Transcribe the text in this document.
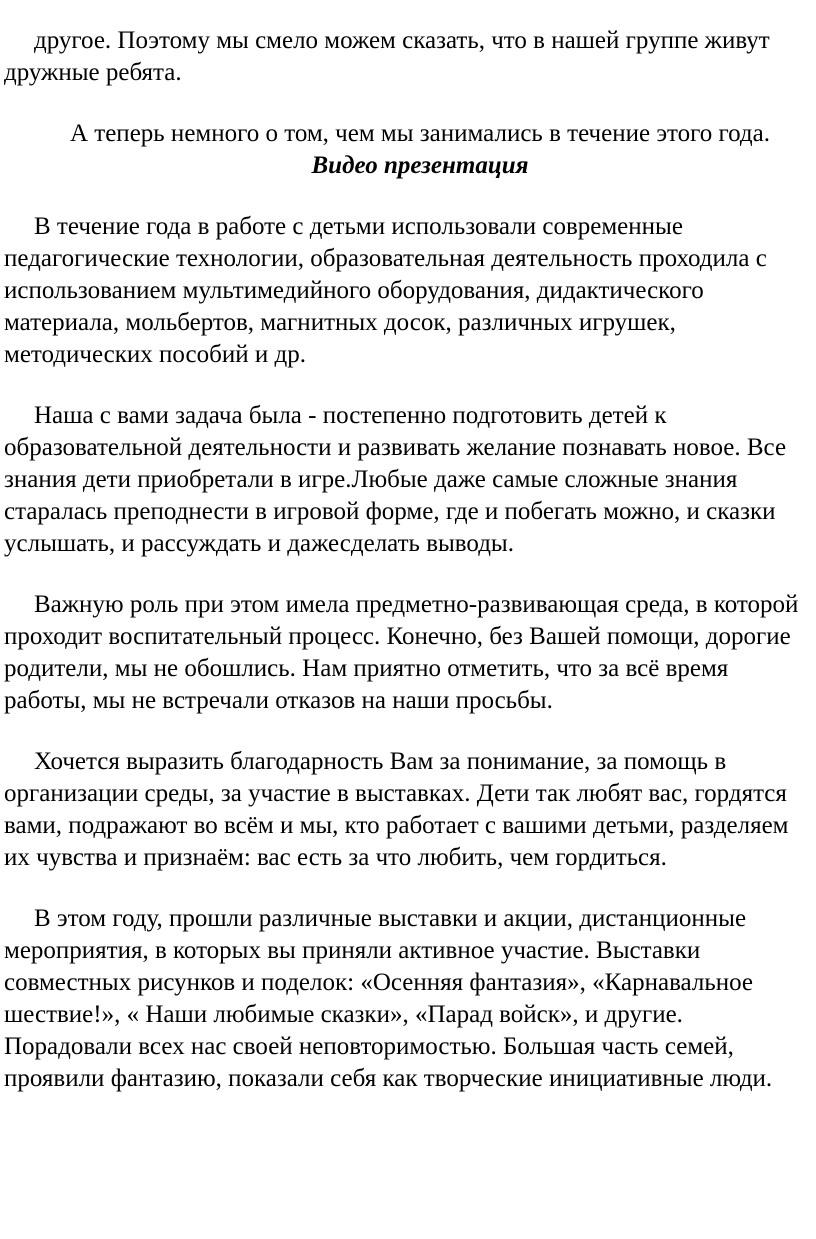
другое. Поэтому мы смело можем сказать, что в нашей группе живут дружные ребята.

А теперь немного о том, чем мы занимались в течение этого года. Видео презентация

В течение года в работе с детьми использовали современные педагогические технологии, образовательная деятельность проходила с использованием мультимедийного оборудования, дидактического материала, мольбертов, магнитных досок, различных игрушек, методических пособий и др.

Наша с вами задача была - постепенно подготовить детей к образовательной деятельности и развивать желание познавать новое. Все знания дети приобретали в игре.Любые даже самые сложные знания старалась преподнести в игровой форме, где и побегать можно, и сказки услышать, и рассуждать и дажесделать выводы.

Важную роль при этом имела предметно-развивающая среда, в которой проходит воспитательный процесс. Конечно, без Вашей помощи, дорогие родители, мы не обошлись. Нам приятно отметить, что за всё время работы, мы не встречали отказов на наши просьбы.

Хочется выразить благодарность Вам за понимание, за помощь в организации среды, за участие в выставках. Дети так любят вас, гордятся вами, подражают во всём и мы, кто работает с вашими детьми, разделяем их чувства и признаём: вас есть за что любить, чем гордиться.

В этом году, прошли различные выставки и акции, дистанционные мероприятия, в которых вы приняли активное участие. Выставки совместных рисунков и поделок: «Осенняя фантазия», «Карнавальное шествие!», « Наши любимые сказки», «Парад войск», и другие. Порадовали всех нас своей неповторимостью. Большая часть семей, проявили фантазию, показали себя как творческие инициативные люди.
